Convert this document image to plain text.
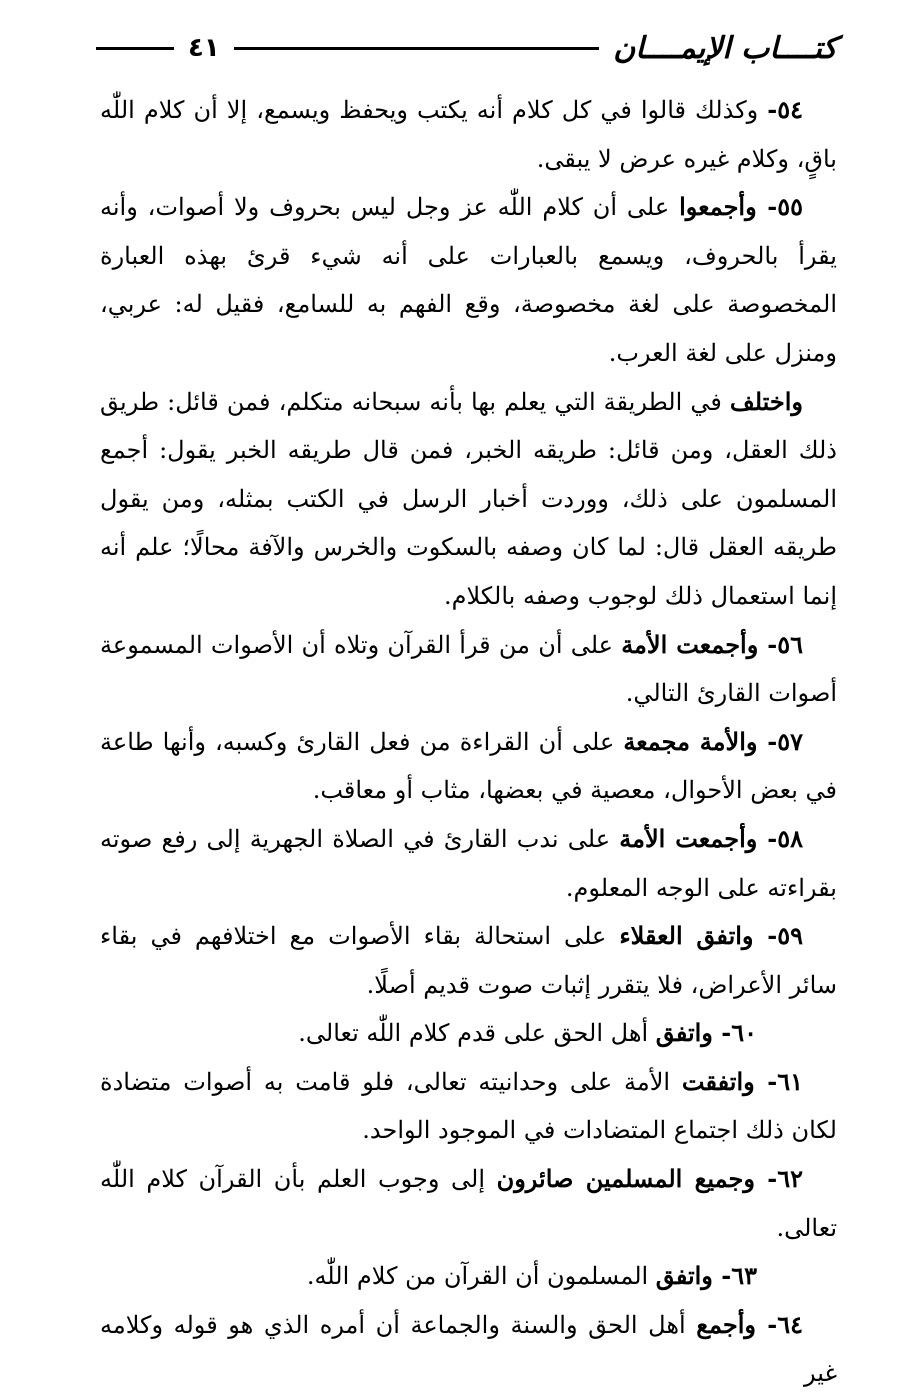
كتــــاب الإيمــــان
٤١

٥٤- وكذلك قالوا في كل كلام أنه يكتب ويحفظ ويسمع، إلا أن كلام اللّٰه باقٍ، وكلام غيره عرض لا يبقى.

٥٥- وأجمعوا على أن كلام اللّٰه عز وجل ليس بحروف ولا أصوات، وأنه يقرأ بالحروف، ويسمع بالعبارات على أنه شيء قرئ بهذه العبارة المخصوصة على لغة مخصوصة، وقع الفهم به للسامع، فقيل له: عربي، ومنزل على لغة العرب.

واختلف في الطريقة التي يعلم بها بأنه سبحانه متكلم، فمن قائل: طريق ذلك العقل، ومن قائل: طريقه الخبر، فمن قال طريقه الخبر يقول: أجمع المسلمون على ذلك، ووردت أخبار الرسل في الكتب بمثله، ومن يقول طريقه العقل قال: لما كان وصفه بالسكوت والخرس والآفة محالًا؛ علم أنه إنما استعمال ذلك لوجوب وصفه بالكلام.

٥٦- وأجمعت الأمة على أن من قرأ القرآن وتلاه أن الأصوات المسموعة أصوات القارئ التالي.

٥٧- والأمة مجمعة على أن القراءة من فعل القارئ وكسبه، وأنها طاعة في بعض الأحوال، معصية في بعضها، مثاب أو معاقب.

٥٨- وأجمعت الأمة على ندب القارئ في الصلاة الجهرية إلى رفع صوته بقراءته على الوجه المعلوم.

٥٩- واتفق العقلاء على استحالة بقاء الأصوات مع اختلافهم في بقاء سائر الأعراض، فلا يتقرر إثبات صوت قديم أصلًا.

٦٠- واتفق أهل الحق على قدم كلام اللّٰه تعالى.

٦١- واتفقت الأمة على وحدانيته تعالى، فلو قامت به أصوات متضادة لكان ذلك اجتماع المتضادات في الموجود الواحد.

٦٢- وجميع المسلمين صائرون إلى وجوب العلم بأن القرآن كلام اللّٰه تعالى.

٦٣- واتفق المسلمون أن القرآن من كلام اللّٰه.

٦٤- وأجمع أهل الحق والسنة والجماعة أن أمره الذي هو قوله وكلامه غير
